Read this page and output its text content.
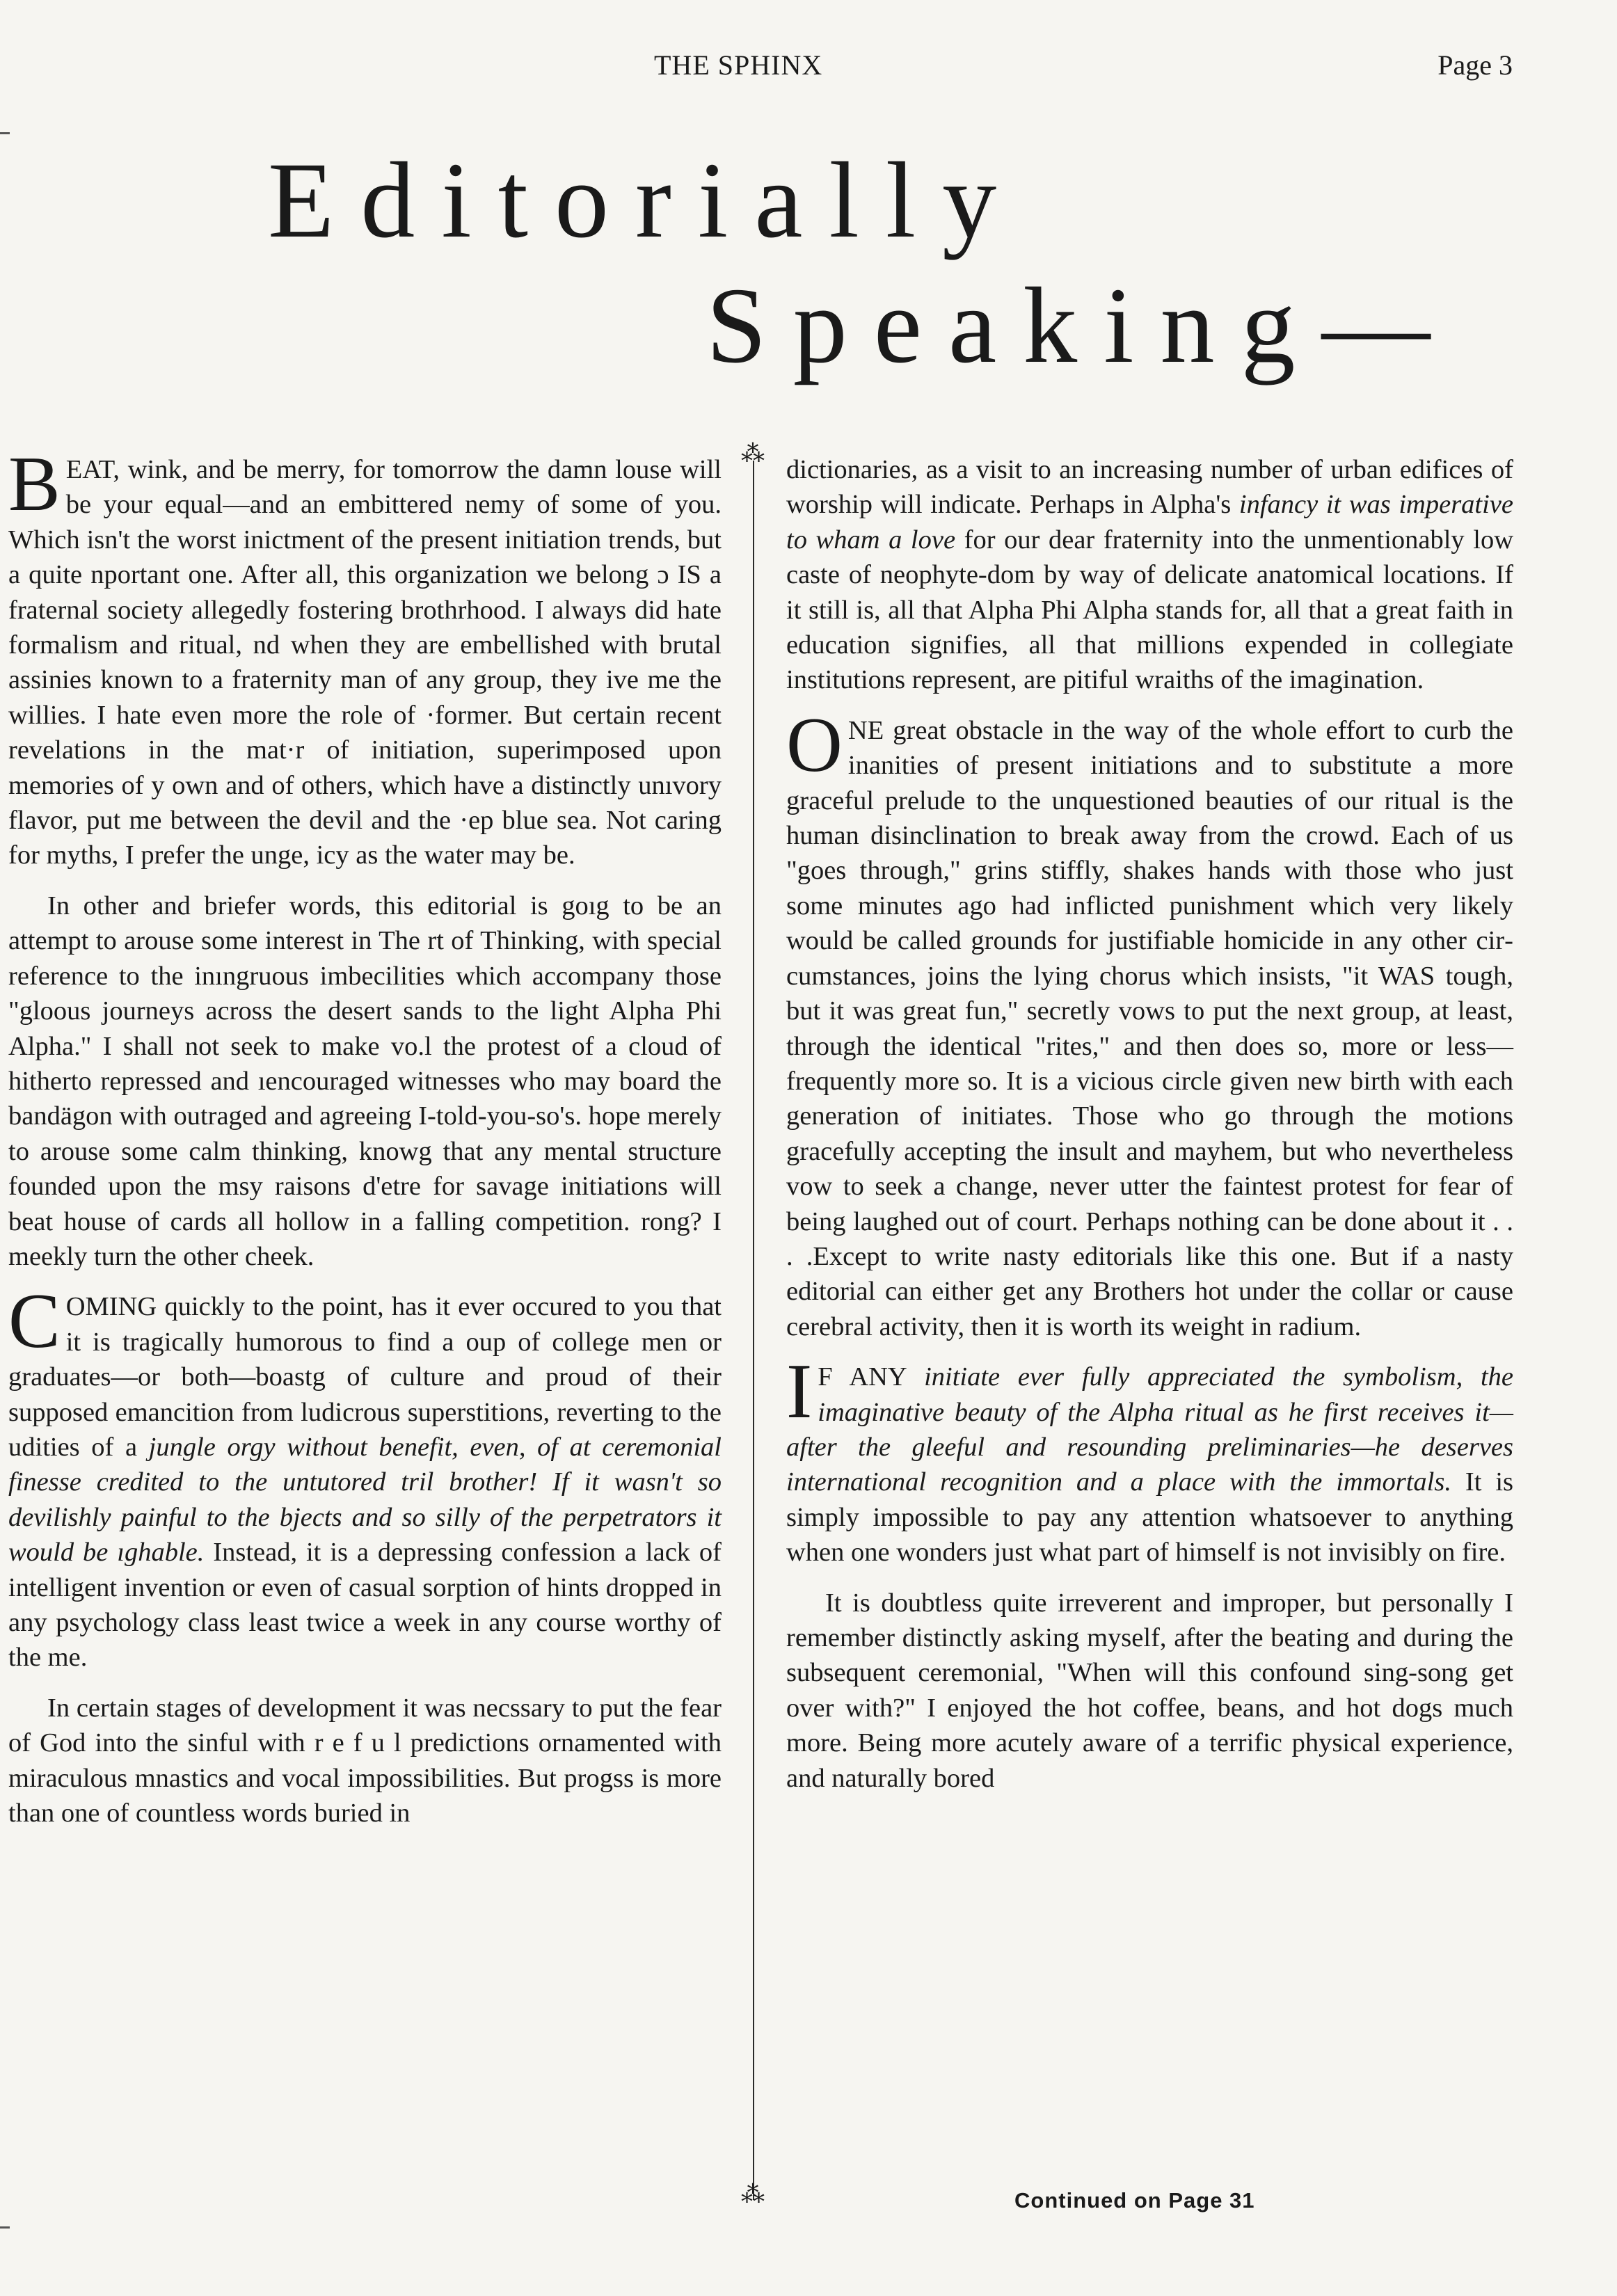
THE SPHINX	Page 3
Editorially
Speaking—
⁂
⁂

BEAT, wink, and be merry, for tomorrow the damn louse will be your equal—and an embittered nemy of some of you. Which isn't the worst inictment of the present initiation trends, but a quite nportant one. After all, this organization we belong ɔ IS a fraternal society allegedly fostering brothrhood. I always did hate formalism and ritual, nd when they are embellished with brutal assinies known to a fraternity man of any group, they ive me the willies. I hate even more the role of ·former. But certain recent revelations in the mat·r of initiation, superimposed upon memories of y own and of others, which have a distinctly unıvory flavor, put me between the devil and the ·ep blue sea. Not caring for myths, I prefer the unge, icy as the water may be.

In other and briefer words, this editorial is goıg to be an attempt to arouse some interest in The rt of Thinking, with special reference to the inıngruous imbecilities which accompany those "gloous journeys across the desert sands to the light Alpha Phi Alpha." I shall not seek to make vo.l the protest of a cloud of hitherto repressed and ıencouraged witnesses who may board the bandägon with outraged and agreeing I-told-you-so's. hope merely to arouse some calm thinking, knowg that any mental structure founded upon the msy raisons d'etre for savage initiations will beat house of cards all hollow in a falling competition. rong? I meekly turn the other cheek.

COMING quickly to the point, has it ever occured to you that it is tragically humorous to find a oup of college men or graduates—or both—boastg of culture and proud of their supposed emancition from ludicrous superstitions, reverting to the udities of a jungle orgy without benefit, even, of at ceremonial finesse credited to the untutored tril brother! If it wasn't so devilishly painful to the bjects and so silly of the perpetrators it would be ıghable. Instead, it is a depressing confession a lack of intelligent invention or even of casual sorption of hints dropped in any psychology class least twice a week in any course worthy of the me.

In certain stages of development it was necssary to put the fear of God into the sinful with r e f u l predictions ornamented with miraculous mnastics and vocal impossibilities. But progss is more than one of countless words buried in

dictionaries, as a visit to an increasing number of urban edifices of worship will indicate. Perhaps in Alpha's infancy it was imperative to wham a love for our dear fraternity into the unmentionably low caste of neophyte-dom by way of delicate anatomical locations. If it still is, all that Alpha Phi Alpha stands for, all that a great faith in education signifies, all that millions expended in collegiate institutions represent, are pitiful wraiths of the imagination.

ONE great obstacle in the way of the whole effort to curb the inanities of present initiations and to substitute a more graceful prelude to the unquestioned beauties of our ritual is the human disinclination to break away from the crowd. Each of us "goes through," grins stiffly, shakes hands with those who just some minutes ago had inflicted punishment which very likely would be called grounds for justifiable homicide in any other circumstances, joins the lying chorus which insists, "it WAS tough, but it was great fun," secretly vows to put the next group, at least, through the identical "rites," and then does so, more or less—frequently more so. It is a vicious circle given new birth with each generation of initiates. Those who go through the motions gracefully accepting the insult and mayhem, but who nevertheless vow to seek a change, never utter the faintest protest for fear of being laughed out of court. Perhaps nothing can be done about it . . . .Except to write nasty editorials like this one. But if a nasty editorial can either get any Brothers hot under the collar or cause cerebral activity, then it is worth its weight in radium.

I F ANY initiate ever fully appreciated the symbolism, the imaginative beauty of the Alpha ritual as he first receives it—after the gleeful and resounding preliminaries—he deserves international recognition and a place with the immortals. It is simply impossible to pay any attention whatsoever to anything when one wonders just what part of himself is not invisibly on fire.

It is doubtless quite irreverent and improper, but personally I remember distinctly asking myself, after the beating and during the subsequent ceremonial, "When will this confound sing-song get over with?" I enjoyed the hot coffee, beans, and hot dogs much more. Being more acutely aware of a terrific physical experience, and naturally bored

Continued on Page 31
